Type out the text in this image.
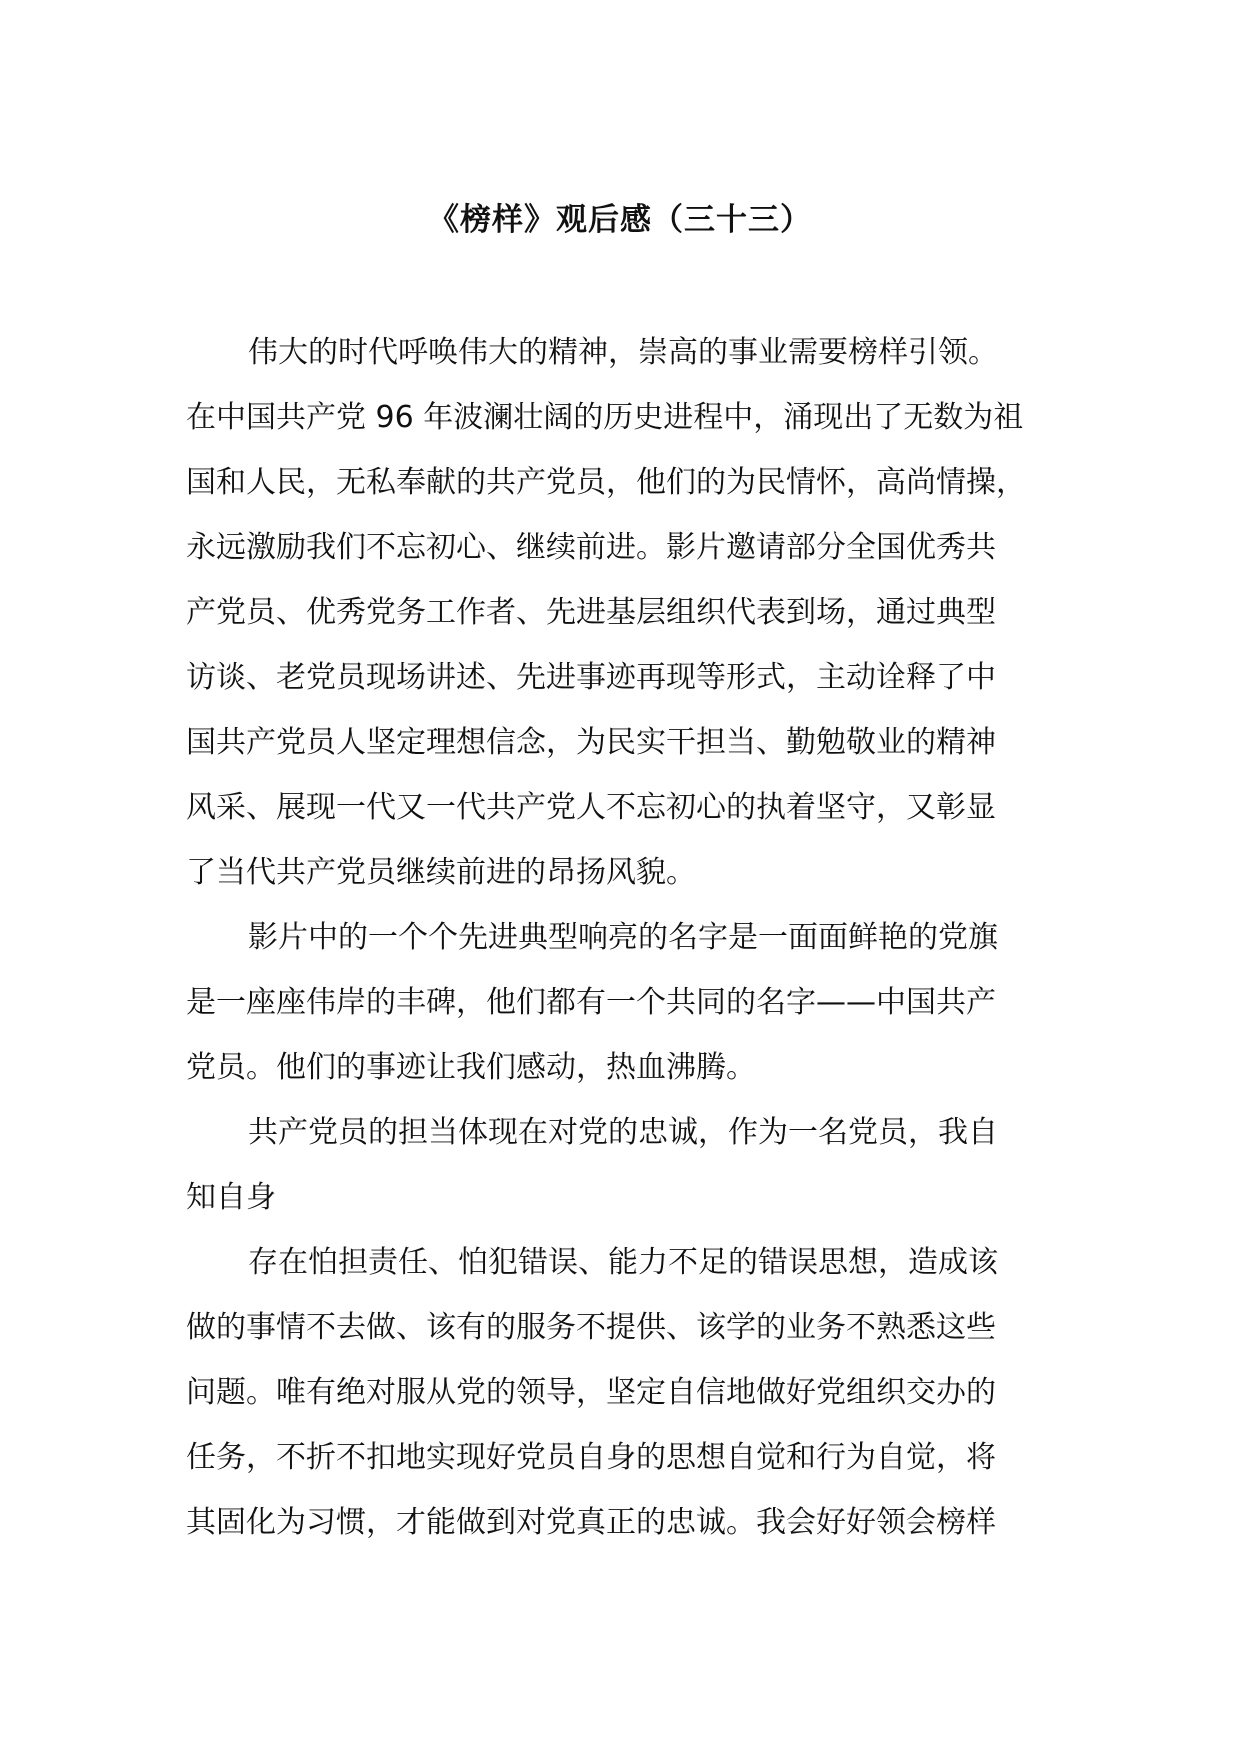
《榜样》观后感（三十三）
伟大的时代呼唤伟大的精神，崇高的事业需要榜样引领。
在中国共产党 96 年波澜壮阔的历史进程中，涌现出了无数为祖
国和人民，无私奉献的共产党员，他们的为民情怀，高尚情操，
永远激励我们不忘初心、继续前进。影片邀请部分全国优秀共
产党员、优秀党务工作者、先进基层组织代表到场，通过典型
访谈、老党员现场讲述、先进事迹再现等形式，主动诠释了中
国共产党员人坚定理想信念，为民实干担当、勤勉敬业的精神
风采、展现一代又一代共产党人不忘初心的执着坚守，又彰显
了当代共产党员继续前进的昂扬风貌。
影片中的一个个先进典型响亮的名字是一面面鲜艳的党旗
是一座座伟岸的丰碑，他们都有一个共同的名字——中国共产
党员。他们的事迹让我们感动，热血沸腾。
共产党员的担当体现在对党的忠诚，作为一名党员，我自
知自身
存在怕担责任、怕犯错误、能力不足的错误思想，造成该
做的事情不去做、该有的服务不提供、该学的业务不熟悉这些
问题。唯有绝对服从党的领导，坚定自信地做好党组织交办的
任务，不折不扣地实现好党员自身的思想自觉和行为自觉，将
其固化为习惯，才能做到对党真正的忠诚。我会好好领会榜样
